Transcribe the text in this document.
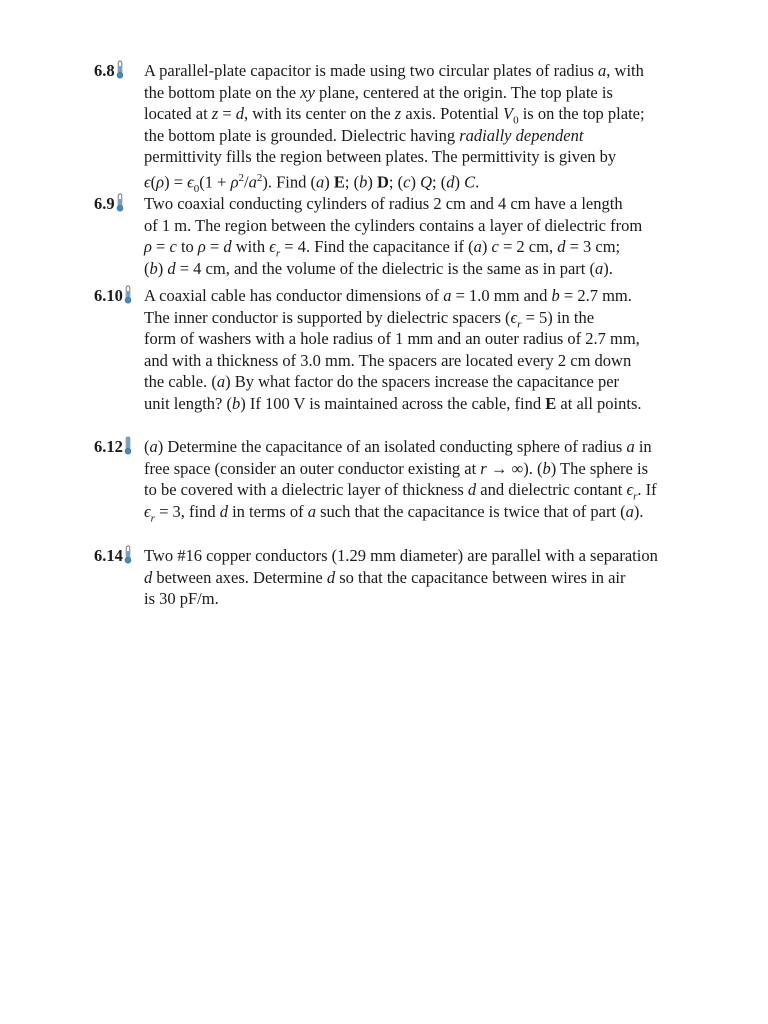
6.8 A parallel-plate capacitor is made using two circular plates of radius a, with
the bottom plate on the xy plane, centered at the origin. The top plate is
located at z = d, with its center on the z axis. Potential $V_0$ is on the top plate;
the bottom plate is grounded. Dielectric having radially dependent
permittivity fills the region between plates. The permittivity is given by
$\epsilon(\rho) = \epsilon_0(1 + \rho^2/a^2)$. Find (a) E; (b) D; (c) Q; (d) C.
6.9 Two coaxial conducting cylinders of radius 2 cm and 4 cm have a length
of 1 m. The region between the cylinders contains a layer of dielectric from
ρ = c to ρ = d with $\epsilon_r = 4$. Find the capacitance if (a) c = 2 cm, d = 3 cm;
(b) d = 4 cm, and the volume of the dielectric is the same as in part (a).
6.10 A coaxial cable has conductor dimensions of a = 1.0 mm and b = 2.7 mm.
The inner conductor is supported by dielectric spacers $(\epsilon_r = 5)$ in the
form of washers with a hole radius of 1 mm and an outer radius of 2.7 mm,
and with a thickness of 3.0 mm. The spacers are located every 2 cm down
the cable. (a) By what factor do the spacers increase the capacitance per
unit length? (b) If 100 V is maintained across the cable, find E at all points.
6.12 (a) Determine the capacitance of an isolated conducting sphere of radius a in
free space (consider an outer conductor existing at r → ∞). (b) The sphere is
to be covered with a dielectric layer of thickness d and dielectric contant $\epsilon_r$. If
$\epsilon_r = 3$, find d in terms of a such that the capacitance is twice that of part (a).
6.14 Two #16 copper conductors (1.29 mm diameter) are parallel with a separation
d between axes. Determine d so that the capacitance between wires in air
is 30 pF/m.
